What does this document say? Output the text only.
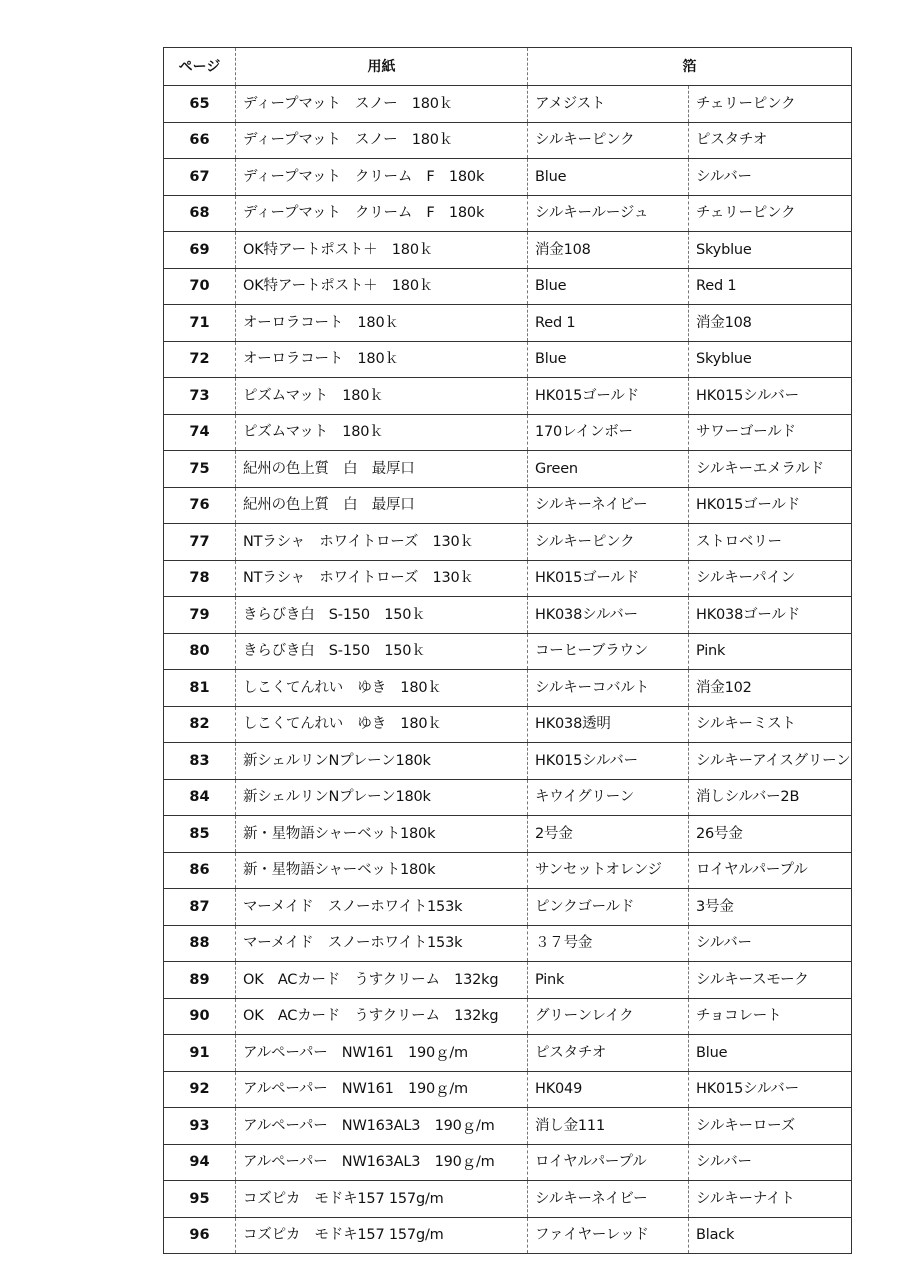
ページ	用紙	箔	
65	ディープマット　スノー　180ｋ	アメジスト	チェリーピンク
66	ディープマット　スノー　180ｋ	シルキーピンク	ピスタチオ
67	ディープマット　クリーム　F　180k	Blue	シルバー
68	ディープマット　クリーム　F　180k	シルキールージュ	チェリーピンク
69	OK特アートポスト＋　180ｋ	消金108	Skyblue
70	OK特アートポスト＋　180ｋ	Blue	Red 1
71	オーロラコート　180ｋ	Red 1	消金108
72	オーロラコート　180ｋ	Blue	Skyblue
73	ピズムマット　180ｋ	HK015ゴールド	HK015シルバー
74	ピズムマット　180ｋ	170レインボー	サワーゴールド
75	紀州の色上質　白　最厚口	Green	シルキーエメラルド
76	紀州の色上質　白　最厚口	シルキーネイビー	HK015ゴールド
77	NTラシャ　ホワイトローズ　130ｋ	シルキーピンク	ストロベリー
78	NTラシャ　ホワイトローズ　130ｋ	HK015ゴールド	シルキーパイン
79	きらびき白　S-150　150ｋ	HK038シルバー	HK038ゴールド
80	きらびき白　S-150　150ｋ	コーヒーブラウン	Pink
81	しこくてんれい　ゆき　180ｋ	シルキーコバルト	消金102
82	しこくてんれい　ゆき　180ｋ	HK038透明	シルキーミスト
83	新シェルリンNプレーン180k	HK015シルバー	シルキーアイスグリーン
84	新シェルリンNプレーン180k	キウイグリーン	消しシルバー2B
85	新・星物語シャーベット180k	2号金	26号金
86	新・星物語シャーベット180k	サンセットオレンジ	ロイヤルパープル
87	マーメイド　スノーホワイト153k	ピンクゴールド	3号金
88	マーメイド　スノーホワイト153k	３７号金	シルバー
89	OK　ACカード　うすクリーム　132kg	Pink	シルキースモーク
90	OK　ACカード　うすクリーム　132kg	グリーンレイク	チョコレート
91	アルペーパー　NW161　190ｇ/m	ピスタチオ	Blue
92	アルペーパー　NW161　190ｇ/m	HK049	HK015シルバー
93	アルペーパー　NW163AL3　190ｇ/m	消し金111	シルキーローズ
94	アルペーパー　NW163AL3　190ｇ/m	ロイヤルパープル	シルバー
95	コズピカ　モドキ157 157g/m	シルキーネイビー	シルキーナイト
96	コズピカ　モドキ157 157g/m	ファイヤーレッド	Black
